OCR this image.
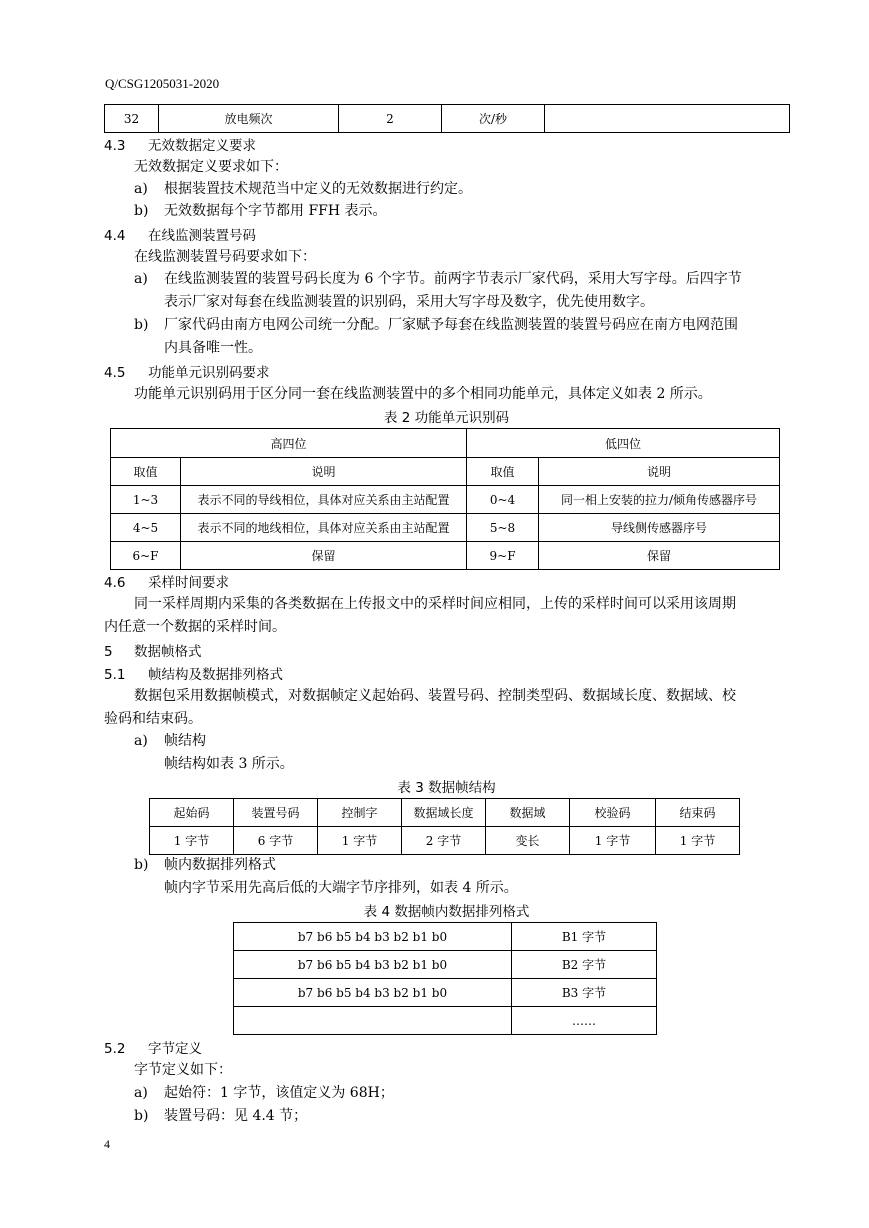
Q/CSG1205031-2020
32	放电频次	2	次/秒	
4.3 无效数据定义要求
无效数据定义要求如下：
a) 根据装置技术规范当中定义的无效数据进行约定。
b) 无效数据每个字节都用 FFH 表示。
4.4 在线监测装置号码
在线监测装置号码要求如下：
a) 在线监测装置的装置号码长度为 6 个字节。前两字节表示厂家代码，采用大写字母。后四字节
表示厂家对每套在线监测装置的识别码，采用大写字母及数字，优先使用数字。
b) 厂家代码由南方电网公司统一分配。厂家赋予每套在线监测装置的装置号码应在南方电网范围
内具备唯一性。
4.5 功能单元识别码要求
功能单元识别码用于区分同一套在线监测装置中的多个相同功能单元，具体定义如表 2 所示。
表 2 功能单元识别码
高四位		低四位	
取值	说明	取值	说明
1~3	表示不同的导线相位，具体对应关系由主站配置	0~4	同一相上安装的拉力/倾角传感器序号
4~5	表示不同的地线相位，具体对应关系由主站配置	5~8	导线侧传感器序号
6~F	保留	9~F	保留
4.6 采样时间要求
同一采样周期内采集的各类数据在上传报文中的采样时间应相同，上传的采样时间可以采用该周期
内任意一个数据的采样时间。
5 数据帧格式
5.1 帧结构及数据排列格式
数据包采用数据帧模式，对数据帧定义起始码、装置号码、控制类型码、数据域长度、数据域、校
验码和结束码。
a) 帧结构
帧结构如表 3 所示。
表 3 数据帧结构
起始码	装置号码	控制字	数据域长度	数据域	校验码	结束码
1 字节	6 字节	1 字节	2 字节	变长	1 字节	1 字节
b) 帧内数据排列格式
帧内字节采用先高后低的大端字节序排列，如表 4 所示。
表 4 数据帧内数据排列格式
b7 b6 b5 b4 b3 b2 b1 b0	B1 字节
b7 b6 b5 b4 b3 b2 b1 b0	B2 字节
b7 b6 b5 b4 b3 b2 b1 b0	B3 字节
	……
5.2 字节定义
字节定义如下：
a) 起始符：1 字节，该值定义为 68H；
b) 装置号码：见 4.4 节；
4
